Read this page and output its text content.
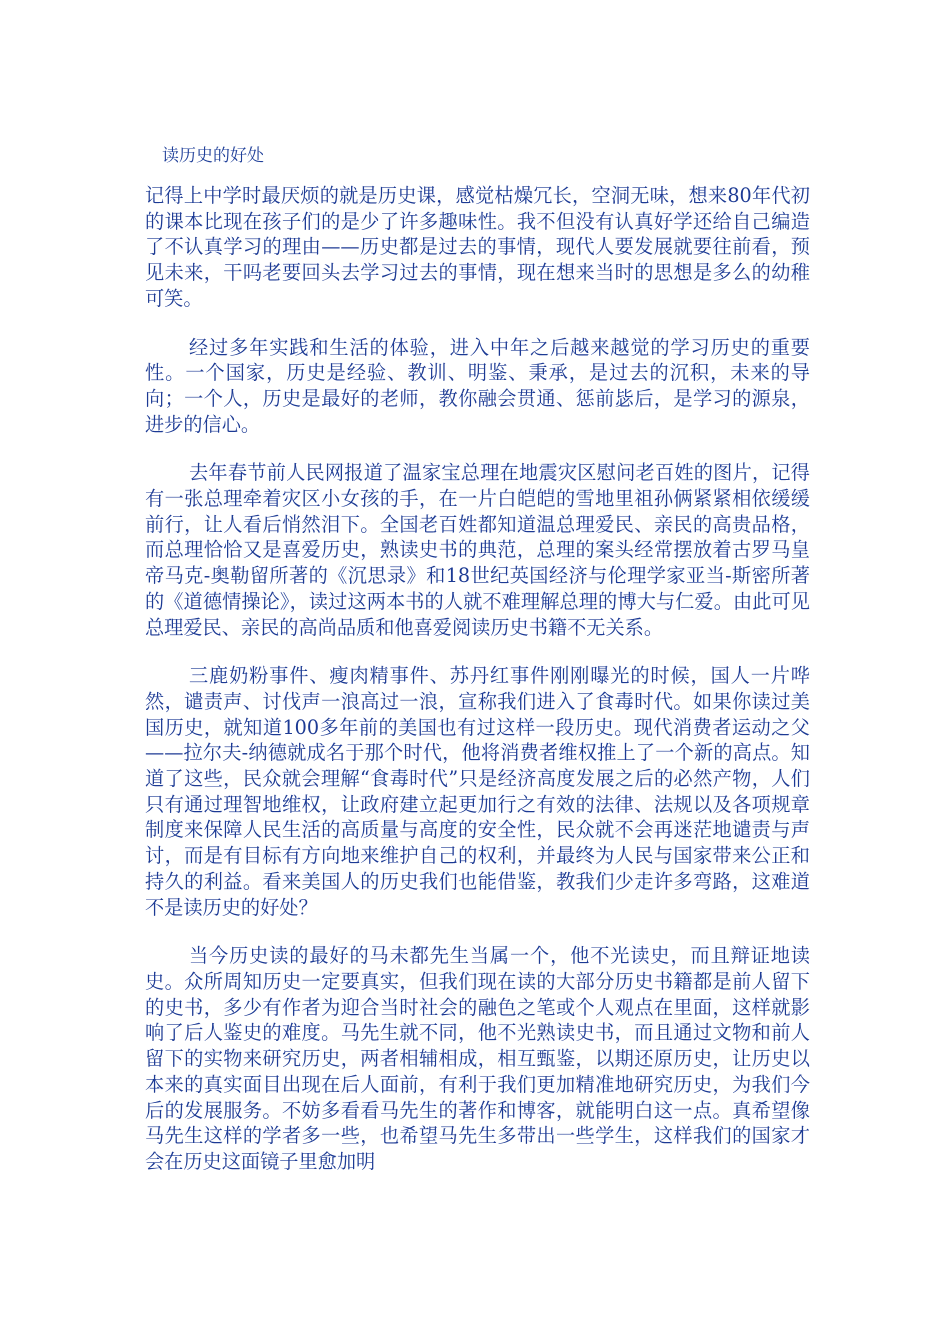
读历史的好处

记得上中学时最厌烦的就是历史课，感觉枯燥冗长，空洞无味，想来80年代初的课本比现在孩子们的是少了许多趣味性。我不但没有认真好学还给自己编造了不认真学习的理由——历史都是过去的事情，现代人要发展就要往前看，预见未来，干吗老要回头去学习过去的事情，现在想来当时的思想是多么的幼稚可笑。

经过多年实践和生活的体验，进入中年之后越来越觉的学习历史的重要性。一个国家，历史是经验、教训、明鉴、秉承，是过去的沉积，未来的导向；一个人，历史是最好的老师，教你融会贯通、惩前毖后，是学习的源泉，进步的信心。

去年春节前人民网报道了温家宝总理在地震灾区慰问老百姓的图片，记得有一张总理牵着灾区小女孩的手，在一片白皑皑的雪地里祖孙俩紧紧相依缓缓前行，让人看后悄然泪下。全国老百姓都知道温总理爱民、亲民的高贵品格，而总理恰恰又是喜爱历史，熟读史书的典范，总理的案头经常摆放着古罗马皇帝马克-奥勒留所著的《沉思录》和18世纪英国经济与伦理学家亚当-斯密所著的《道德情操论》，读过这两本书的人就不难理解总理的博大与仁爱。由此可见总理爱民、亲民的高尚品质和他喜爱阅读历史书籍不无关系。

三鹿奶粉事件、瘦肉精事件、苏丹红事件刚刚曝光的时候，国人一片哗然，谴责声、讨伐声一浪高过一浪，宣称我们进入了食毒时代。如果你读过美国历史，就知道100多年前的美国也有过这样一段历史。现代消费者运动之父——拉尔夫-纳德就成名于那个时代，他将消费者维权推上了一个新的高点。知道了这些，民众就会理解“食毒时代”只是经济高度发展之后的必然产物，人们只有通过理智地维权，让政府建立起更加行之有效的法律、法规以及各项规章制度来保障人民生活的高质量与高度的安全性，民众就不会再迷茫地谴责与声讨，而是有目标有方向地来维护自己的权利，并最终为人民与国家带来公正和持久的利益。看来美国人的历史我们也能借鉴，教我们少走许多弯路，这难道不是读历史的好处？

当今历史读的最好的马未都先生当属一个，他不光读史，而且辩证地读史。众所周知历史一定要真实，但我们现在读的大部分历史书籍都是前人留下的史书，多少有作者为迎合当时社会的融色之笔或个人观点在里面，这样就影响了后人鉴史的难度。马先生就不同，他不光熟读史书，而且通过文物和前人留下的实物来研究历史，两者相辅相成，相互甄鉴，以期还原历史，让历史以本来的真实面目出现在后人面前，有利于我们更加精准地研究历史，为我们今后的发展服务。不妨多看看马先生的著作和博客，就能明白这一点。真希望像马先生这样的学者多一些，也希望马先生多带出一些学生，这样我们的国家才会在历史这面镜子里愈加明
